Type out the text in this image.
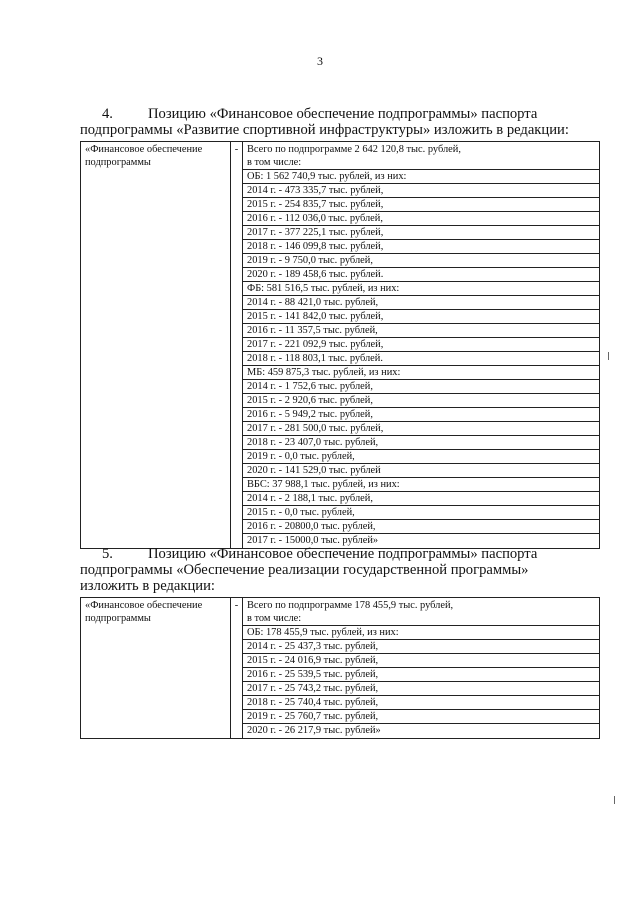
3
4. Позицию «Финансовое обеспечение подпрограммы» паспорта
подпрограммы «Развитие спортивной инфраструктуры» изложить в редакции:
«Финансовое обеспечение
подпрограммы
	-	Всего по подпрограмме 2 642 120,8 тыс. рублей,
в том числе:
ОБ: 1 562 740,9 тыс. рублей, из них:
2014 г. - 473 335,7 тыс. рублей,
2015 г. - 254 835,7 тыс. рублей,
2016 г. - 112 036,0 тыс. рублей,
2017 г. - 377 225,1 тыс. рублей,
2018 г. - 146 099,8 тыс. рублей,
2019 г. - 9 750,0 тыс. рублей,
2020 г. - 189 458,6 тыс. рублей.
ФБ: 581 516,5 тыс. рублей, из них:
2014 г. - 88 421,0 тыс. рублей,
2015 г. - 141 842,0 тыс. рублей,
2016 г. - 11 357,5 тыс. рублей,
2017 г. - 221 092,9 тыс. рублей,
2018 г. - 118 803,1 тыс. рублей.
МБ: 459 875,3 тыс. рублей, из них:
2014 г. - 1 752,6 тыс. рублей,
2015 г. - 2 920,6 тыс. рублей,
2016 г. - 5 949,2 тыс. рублей,
2017 г. - 281 500,0 тыс. рублей,
2018 г. - 23 407,0 тыс. рублей,
2019 г. - 0,0 тыс. рублей,
2020 г. - 141 529,0 тыс. рублей
ВБС: 37 988,1 тыс. рублей, из них:
2014 г. - 2 188,1 тыс. рублей,
2015 г. - 0,0 тыс. рублей,
2016 г. - 20800,0 тыс. рублей,
2017 г. - 15000,0 тыс. рублей»
5. Позицию «Финансовое обеспечение подпрограммы» паспорта
подпрограммы «Обеспечение реализации государственной программы»
изложить в редакции:
«Финансовое обеспечение
подпрограммы
	-	Всего по подпрограмме 178 455,9 тыс. рублей,
в том числе:
ОБ: 178 455,9 тыс. рублей, из них:
2014 г. - 25 437,3 тыс. рублей,
2015 г. - 24 016,9 тыс. рублей,
2016 г. - 25 539,5 тыс. рублей,
2017 г. - 25 743,2 тыс. рублей,
2018 г. - 25 740,4 тыс. рублей,
2019 г. - 25 760,7 тыс. рублей,
2020 г. - 26 217,9 тыс. рублей»
